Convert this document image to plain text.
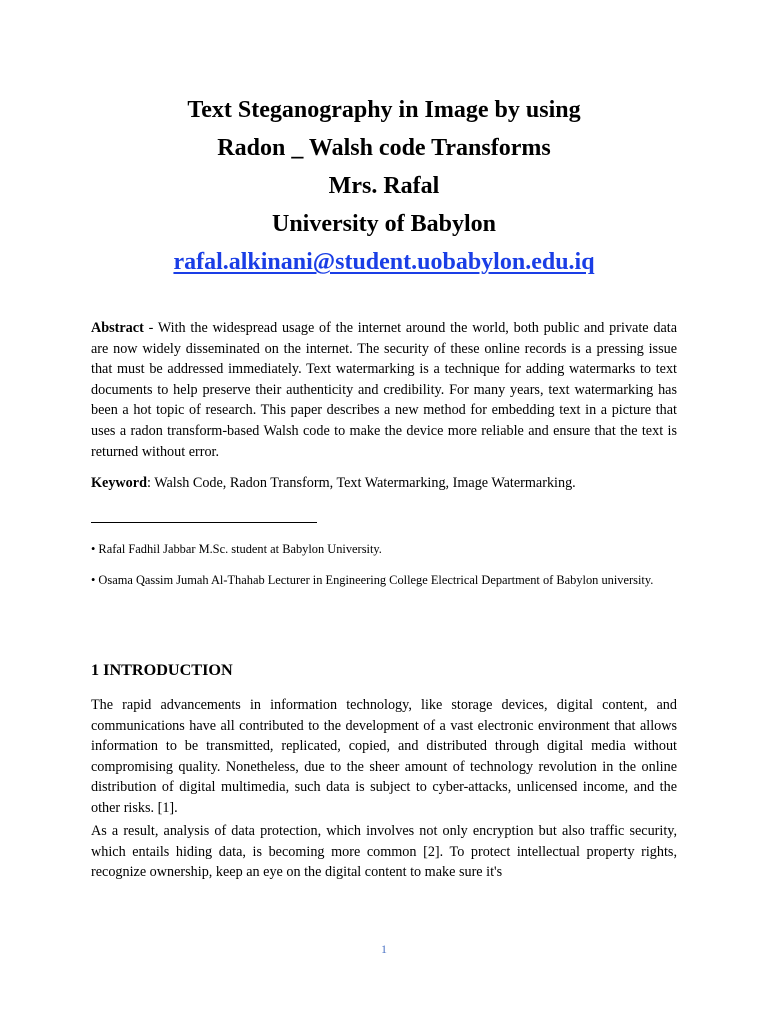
Text Steganography in Image by using
Radon _ Walsh code Transforms
Mrs. Rafal
University of Babylon
rafal.alkinani@student.uobabylon.edu.iq

Abstract - With the widespread usage of the internet around the world, both public and private data are now widely disseminated on the internet. The security of these online records is a pressing issue that must be addressed immediately. Text watermarking is a technique for adding watermarks to text documents to help preserve their authenticity and credibility. For many years, text watermarking has been a hot topic of research. This paper describes a new method for embedding text in a picture that uses a radon transform-based Walsh code to make the device more reliable and ensure that the text is returned without error.

Keyword: Walsh Code, Radon Transform, Text Watermarking, Image Watermarking.

• Rafal Fadhil Jabbar M.Sc. student at Babylon University.

• Osama Qassim Jumah Al-Thahab Lecturer in Engineering College Electrical Department of Babylon university.

1 INTRODUCTION

The rapid advancements in information technology, like storage devices, digital content, and communications have all contributed to the development of a vast electronic environment that allows information to be transmitted, replicated, copied, and distributed through digital media without compromising quality. Nonetheless, due to the sheer amount of technology revolution in the online distribution of digital multimedia, such data is subject to cyber-attacks, unlicensed income, and the other risks. [1].

As a result, analysis of data protection, which involves not only encryption but also traffic security, which entails hiding data, is becoming more common [2]. To protect intellectual property rights, recognize ownership, keep an eye on the digital content to make sure it's

1
